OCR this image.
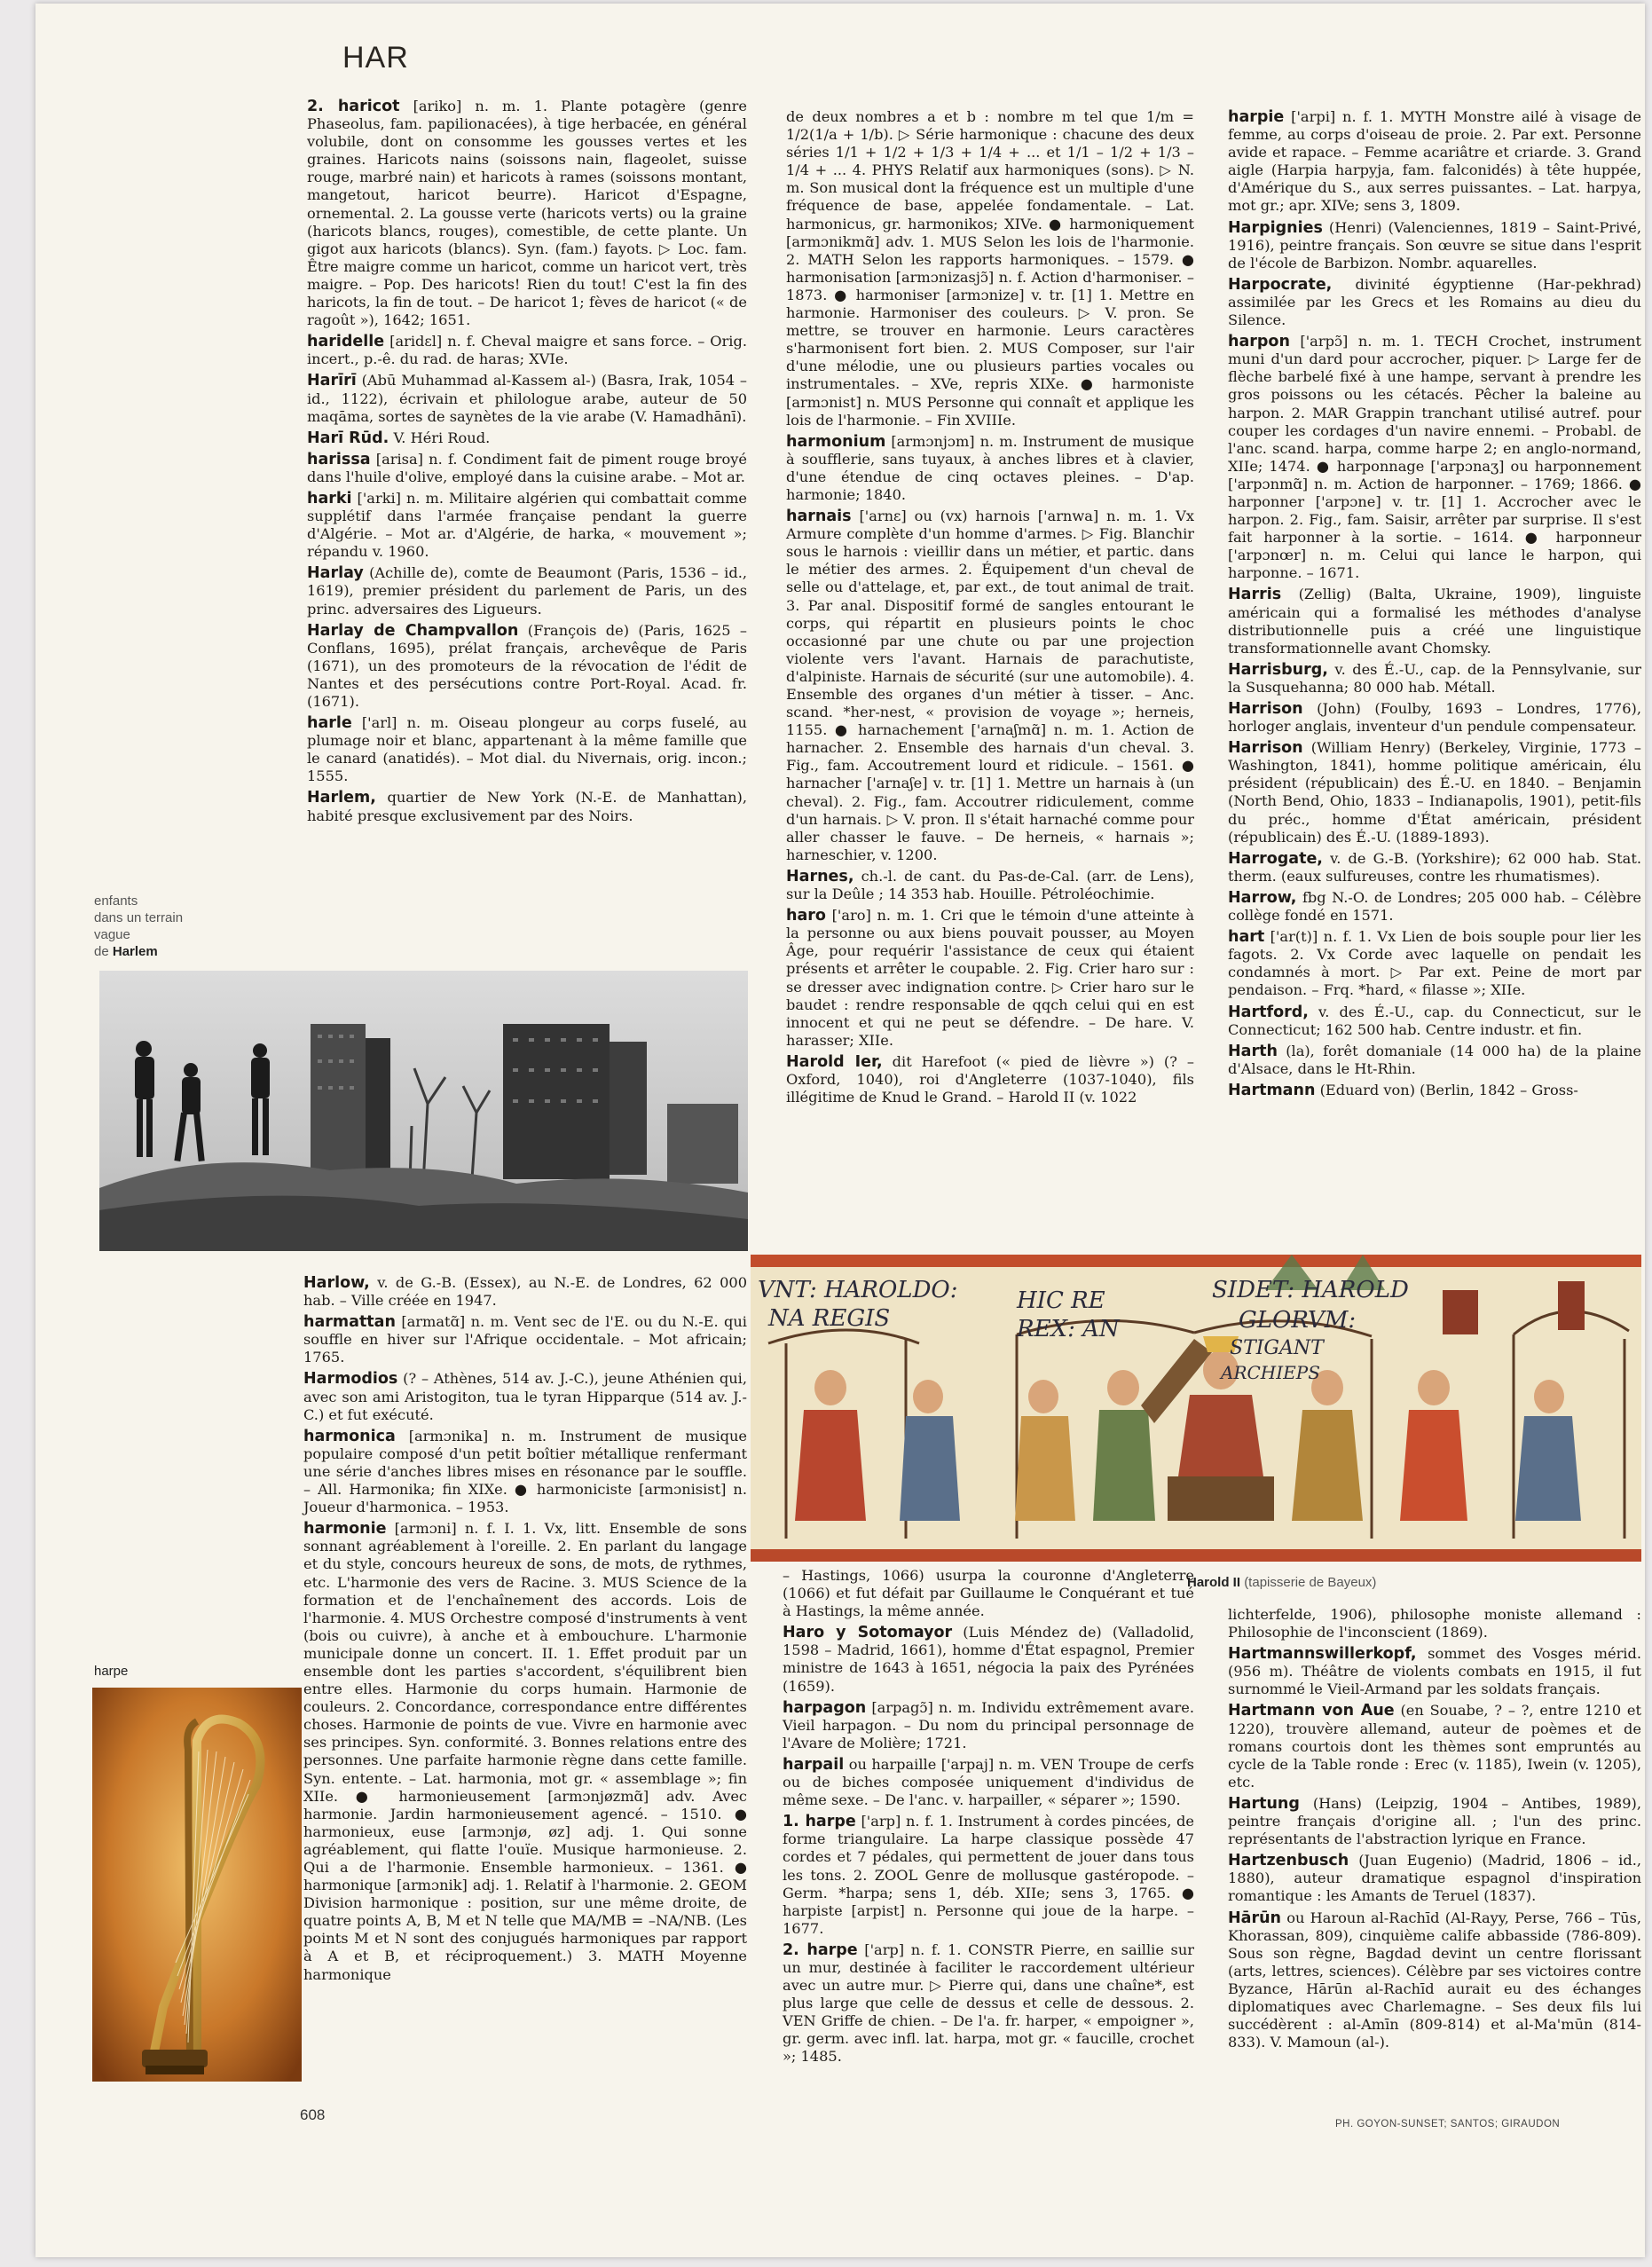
HAR

2. haricot [ariko] n. m. 1. Plante potagère (genre Phaseolus, fam. papilionacées), à tige herbacée, en général volubile, dont on consomme les gousses vertes et les graines. Haricots nains (soissons nain, flageolet, suisse rouge, marbré nain) et haricots à rames (soissons montant, mangetout, haricot beurre). Haricot d'Espagne, ornemental. 2. La gousse verte (haricots verts) ou la graine (haricots blancs, rouges), comestible, de cette plante. Un gigot aux haricots (blancs). Syn. (fam.) fayots. ▷ Loc. fam. Être maigre comme un haricot, comme un haricot vert, très maigre. – Pop. Des haricots! Rien du tout! C'est la fin des haricots, la fin de tout. – De haricot 1; fèves de haricot (« de ragoût »), 1642; 1651.

haridelle [aridɛl] n. f. Cheval maigre et sans force. – Orig. incert., p.-ê. du rad. de haras; XVIe.

Harīrī (Abū Muhammad al-Kassem al-) (Basra, Irak, 1054 – id., 1122), écrivain et philologue arabe, auteur de 50 maqāma, sortes de saynètes de la vie arabe (V. Hamadhānī).

Harī Rūd. V. Héri Roud.

harissa [arisa] n. f. Condiment fait de piment rouge broyé dans l'huile d'olive, employé dans la cuisine arabe. – Mot ar.

harki ['arki] n. m. Militaire algérien qui combattait comme supplétif dans l'armée française pendant la guerre d'Algérie. – Mot ar. d'Algérie, de harka, « mouvement »; répandu v. 1960.

Harlay (Achille de), comte de Beaumont (Paris, 1536 – id., 1619), premier président du parlement de Paris, un des princ. adversaires des Ligueurs.

Harlay de Champvallon (François de) (Paris, 1625 – Conflans, 1695), prélat français, archevêque de Paris (1671), un des promoteurs de la révocation de l'édit de Nantes et des persécutions contre Port-Royal. Acad. fr. (1671).

harle ['arl] n. m. Oiseau plongeur au corps fuselé, au plumage noir et blanc, appartenant à la même famille que le canard (anatidés). – Mot dial. du Nivernais, orig. incon.; 1555.

Harlem, quartier de New York (N.-E. de Manhattan), habité presque exclusivement par des Noirs.

enfants
dans un terrain vague
de Harlem

Harlow, v. de G.-B. (Essex), au N.-E. de Londres, 62 000 hab. – Ville créée en 1947.

harmattan [armatɑ̃] n. m. Vent sec de l'E. ou du N.-E. qui souffle en hiver sur l'Afrique occidentale. – Mot africain; 1765.

Harmodios (? – Athènes, 514 av. J.-C.), jeune Athénien qui, avec son ami Aristogiton, tua le tyran Hipparque (514 av. J.-C.) et fut exécuté.

harmonica [armɔnika] n. m. Instrument de musique populaire composé d'un petit boîtier métallique renfermant une série d'anches libres mises en résonance par le souffle. – All. Harmonika; fin XIXe. ● harmoniciste [armɔnisist] n. Joueur d'harmonica. – 1953.

harmonie [armɔni] n. f. I. 1. Vx, litt. Ensemble de sons sonnant agréablement à l'oreille. 2. En parlant du langage et du style, concours heureux de sons, de mots, de rythmes, etc. L'harmonie des vers de Racine. 3. MUS Science de la formation et de l'enchaînement des accords. Lois de l'harmonie. 4. MUS Orchestre composé d'instruments à vent (bois ou cuivre), à anche et à embouchure. L'harmonie municipale donne un concert. II. 1. Effet produit par un ensemble dont les parties s'accordent, s'équilibrent bien entre elles. Harmonie du corps humain. Harmonie de couleurs. 2. Concordance, correspondance entre différentes choses. Harmonie de points de vue. Vivre en harmonie avec ses principes. Syn. conformité. 3. Bonnes relations entre des personnes. Une parfaite harmonie règne dans cette famille. Syn. entente. – Lat. harmonia, mot gr. « assemblage »; fin XIIe. ● harmonieusement [armɔnjøzmɑ̃] adv. Avec harmonie. Jardin harmonieusement agencé. – 1510. ● harmonieux, euse [armɔnjø, øz] adj. 1. Qui sonne agréablement, qui flatte l'ouïe. Musique harmonieuse. 2. Qui a de l'harmonie. Ensemble harmonieux. – 1361. ● harmonique [armɔnik] adj. 1. Relatif à l'harmonie. 2. GEOM Division harmonique : position, sur une même droite, de quatre points A, B, M et N telle que MA/MB = –NA/NB. (Les points M et N sont des conjugués harmoniques par rapport à A et B, et réciproquement.) 3. MATH Moyenne harmonique

harpe

de deux nombres a et b : nombre m tel que 1/m = 1/2(1/a + 1/b). ▷ Série harmonique : chacune des deux séries 1/1 + 1/2 + 1/3 + 1/4 + ... et 1/1 – 1/2 + 1/3 – 1/4 + ... 4. PHYS Relatif aux harmoniques (sons). ▷ N. m. Son musical dont la fréquence est un multiple d'une fréquence de base, appelée fondamentale. – Lat. harmonicus, gr. harmonikos; XIVe. ● harmoniquement [armɔnikmɑ̃] adv. 1. MUS Selon les lois de l'harmonie. 2. MATH Selon les rapports harmoniques. – 1579. ● harmonisation [armɔnizasjɔ̃] n. f. Action d'harmoniser. – 1873. ● harmoniser [armɔnize] v. tr. [1] 1. Mettre en harmonie. Harmoniser des couleurs. ▷ V. pron. Se mettre, se trouver en harmonie. Leurs caractères s'harmonisent fort bien. 2. MUS Composer, sur l'air d'une mélodie, une ou plusieurs parties vocales ou instrumentales. – XVe, repris XIXe. ● harmoniste [armɔnist] n. MUS Personne qui connaît et applique les lois de l'harmonie. – Fin XVIIIe.

harmonium [armɔnjɔm] n. m. Instrument de musique à soufflerie, sans tuyaux, à anches libres et à clavier, d'une étendue de cinq octaves pleines. – D'ap. harmonie; 1840.

harnais ['arnɛ] ou (vx) harnois ['arnwa] n. m. 1. Vx Armure complète d'un homme d'armes. ▷ Fig. Blanchir sous le harnois : vieillir dans un métier, et partic. dans le métier des armes. 2. Équipement d'un cheval de selle ou d'attelage, et, par ext., de tout animal de trait. 3. Par anal. Dispositif formé de sangles entourant le corps, qui répartit en plusieurs points le choc occasionné par une chute ou par une projection violente vers l'avant. Harnais de parachutiste, d'alpiniste. Harnais de sécurité (sur une automobile). 4. Ensemble des organes d'un métier à tisser. – Anc. scand. *her-nest, « provision de voyage »; herneis, 1155. ● harnachement ['arnaʃmɑ̃] n. m. 1. Action de harnacher. 2. Ensemble des harnais d'un cheval. 3. Fig., fam. Accoutrement lourd et ridicule. – 1561. ● harnacher ['arnaʃe] v. tr. [1] 1. Mettre un harnais à (un cheval). 2. Fig., fam. Accoutrer ridiculement, comme d'un harnais. ▷ V. pron. Il s'était harnaché comme pour aller chasser le fauve. – De herneis, « harnais »; harneschier, v. 1200.

Harnes, ch.-l. de cant. du Pas-de-Cal. (arr. de Lens), sur la Deûle ; 14 353 hab. Houille. Pétroléochimie.

haro ['aro] n. m. 1. Cri que le témoin d'une atteinte à la personne ou aux biens pouvait pousser, au Moyen Âge, pour requérir l'assistance de ceux qui étaient présents et arrêter le coupable. 2. Fig. Crier haro sur : se dresser avec indignation contre. ▷ Crier haro sur le baudet : rendre responsable de qqch celui qui en est innocent et qui ne peut se défendre. – De hare. V. harasser; XIIe.

Harold Ier, dit Harefoot (« pied de lièvre ») (? – Oxford, 1040), roi d'Angleterre (1037-1040), fils illégitime de Knud le Grand. – Harold II (v. 1022

harpie ['arpi] n. f. 1. MYTH Monstre ailé à visage de femme, au corps d'oiseau de proie. 2. Par ext. Personne avide et rapace. – Femme acariâtre et criarde. 3. Grand aigle (Harpia harpyja, fam. falconidés) à tête huppée, d'Amérique du S., aux serres puissantes. – Lat. harpya, mot gr.; apr. XIVe; sens 3, 1809.

Harpignies (Henri) (Valenciennes, 1819 – Saint-Privé, 1916), peintre français. Son œuvre se situe dans l'esprit de l'école de Barbizon. Nombr. aquarelles.

Harpocrate, divinité égyptienne (Har-pekhrad) assimilée par les Grecs et les Romains au dieu du Silence.

harpon ['arpɔ̃] n. m. 1. TECH Crochet, instrument muni d'un dard pour accrocher, piquer. ▷ Large fer de flèche barbelé fixé à une hampe, servant à prendre les gros poissons ou les cétacés. Pêcher la baleine au harpon. 2. MAR Grappin tranchant utilisé autref. pour couper les cordages d'un navire ennemi. – Probabl. de l'anc. scand. harpa, comme harpe 2; en anglo-normand, XIIe; 1474. ● harponnage ['arpɔnaʒ] ou harponnement ['arpɔnmɑ̃] n. m. Action de harponner. – 1769; 1866. ● harponner ['arpɔne] v. tr. [1] 1. Accrocher avec le harpon. 2. Fig., fam. Saisir, arrêter par surprise. Il s'est fait harponner à la sortie. – 1614. ● harponneur ['arpɔnœr] n. m. Celui qui lance le harpon, qui harponne. – 1671.

Harris (Zellig) (Balta, Ukraine, 1909), linguiste américain qui a formalisé les méthodes d'analyse distributionnelle puis a créé une linguistique transformationnelle avant Chomsky.

Harrisburg, v. des É.-U., cap. de la Pennsylvanie, sur la Susquehanna; 80 000 hab. Métall.

Harrison (John) (Foulby, 1693 – Londres, 1776), horloger anglais, inventeur d'un pendule compensateur.

Harrison (William Henry) (Berkeley, Virginie, 1773 – Washington, 1841), homme politique américain, élu président (républicain) des É.-U. en 1840. – Benjamin (North Bend, Ohio, 1833 – Indianapolis, 1901), petit-fils du préc., homme d'État américain, président (républicain) des É.-U. (1889-1893).

Harrogate, v. de G.-B. (Yorkshire); 62 000 hab. Stat. therm. (eaux sulfureuses, contre les rhumatismes).

Harrow, fbg N.-O. de Londres; 205 000 hab. – Célèbre collège fondé en 1571.

hart ['ar(t)] n. f. 1. Vx Lien de bois souple pour lier les fagots. 2. Vx Corde avec laquelle on pendait les condamnés à mort. ▷ Par ext. Peine de mort par pendaison. – Frq. *hard, « filasse »; XIIe.

Hartford, v. des É.-U., cap. du Connecticut, sur le Connecticut; 162 500 hab. Centre industr. et fin.

Harth (la), forêt domaniale (14 000 ha) de la plaine d'Alsace, dans le Ht-Rhin.

Hartmann (Eduard von) (Berlin, 1842 – Gross-

VNT: HAROLDO:
NA REGIS
HIC RE
REX: AN
SIDET: HAROLD
GLORVM:
STIGANT
ARCHIEPS
Harold II (tapisserie de Bayeux)

– Hastings, 1066) usurpa la couronne d'Angleterre (1066) et fut défait par Guillaume le Conquérant et tué à Hastings, la même année.

Haro y Sotomayor (Luis Méndez de) (Valladolid, 1598 – Madrid, 1661), homme d'État espagnol, Premier ministre de 1643 à 1651, négocia la paix des Pyrénées (1659).

harpagon [arpagɔ̃] n. m. Individu extrêmement avare. Vieil harpagon. – Du nom du principal personnage de l'Avare de Molière; 1721.

harpail ou harpaille ['arpaj] n. m. VEN Troupe de cerfs ou de biches composée uniquement d'individus de même sexe. – De l'anc. v. harpailler, « séparer »; 1590.

1. harpe ['arp] n. f. 1. Instrument à cordes pincées, de forme triangulaire. La harpe classique possède 47 cordes et 7 pédales, qui permettent de jouer dans tous les tons. 2. ZOOL Genre de mollusque gastéropode. – Germ. *harpa; sens 1, déb. XIIe; sens 3, 1765. ● harpiste [arpist] n. Personne qui joue de la harpe. – 1677.

2. harpe ['arp] n. f. 1. CONSTR Pierre, en saillie sur un mur, destinée à faciliter le raccordement ultérieur avec un autre mur. ▷ Pierre qui, dans une chaîne*, est plus large que celle de dessus et celle de dessous. 2. VEN Griffe de chien. – De l'a. fr. harper, « empoigner », gr. germ. avec infl. lat. harpa, mot gr. « faucille, crochet »; 1485.

lichterfelde, 1906), philosophe moniste allemand : Philosophie de l'inconscient (1869).

Hartmannswillerkopf, sommet des Vosges mérid. (956 m). Théâtre de violents combats en 1915, il fut surnommé le Vieil-Armand par les soldats français.

Hartmann von Aue (en Souabe, ? – ?, entre 1210 et 1220), trouvère allemand, auteur de poèmes et de romans courtois dont les thèmes sont empruntés au cycle de la Table ronde : Erec (v. 1185), Iwein (v. 1205), etc.

Hartung (Hans) (Leipzig, 1904 – Antibes, 1989), peintre français d'origine all. ; l'un des princ. représentants de l'abstraction lyrique en France.

Hartzenbusch (Juan Eugenio) (Madrid, 1806 – id., 1880), auteur dramatique espagnol d'inspiration romantique : les Amants de Teruel (1837).

Hārūn ou Haroun al-Rachīd (Al-Rayy, Perse, 766 – Tūs, Khorassan, 809), cinquième calife abbasside (786-809). Sous son règne, Bagdad devint un centre florissant (arts, lettres, sciences). Célèbre par ses victoires contre Byzance, Hārūn al-Rachīd aurait eu des échanges diplomatiques avec Charlemagne. – Ses deux fils lui succédèrent : al-Amīn (809-814) et al-Ma'mūn (814-833). V. Mamoun (al-).

608
PH. GOYON-SUNSET; SANTOS; GIRAUDON
